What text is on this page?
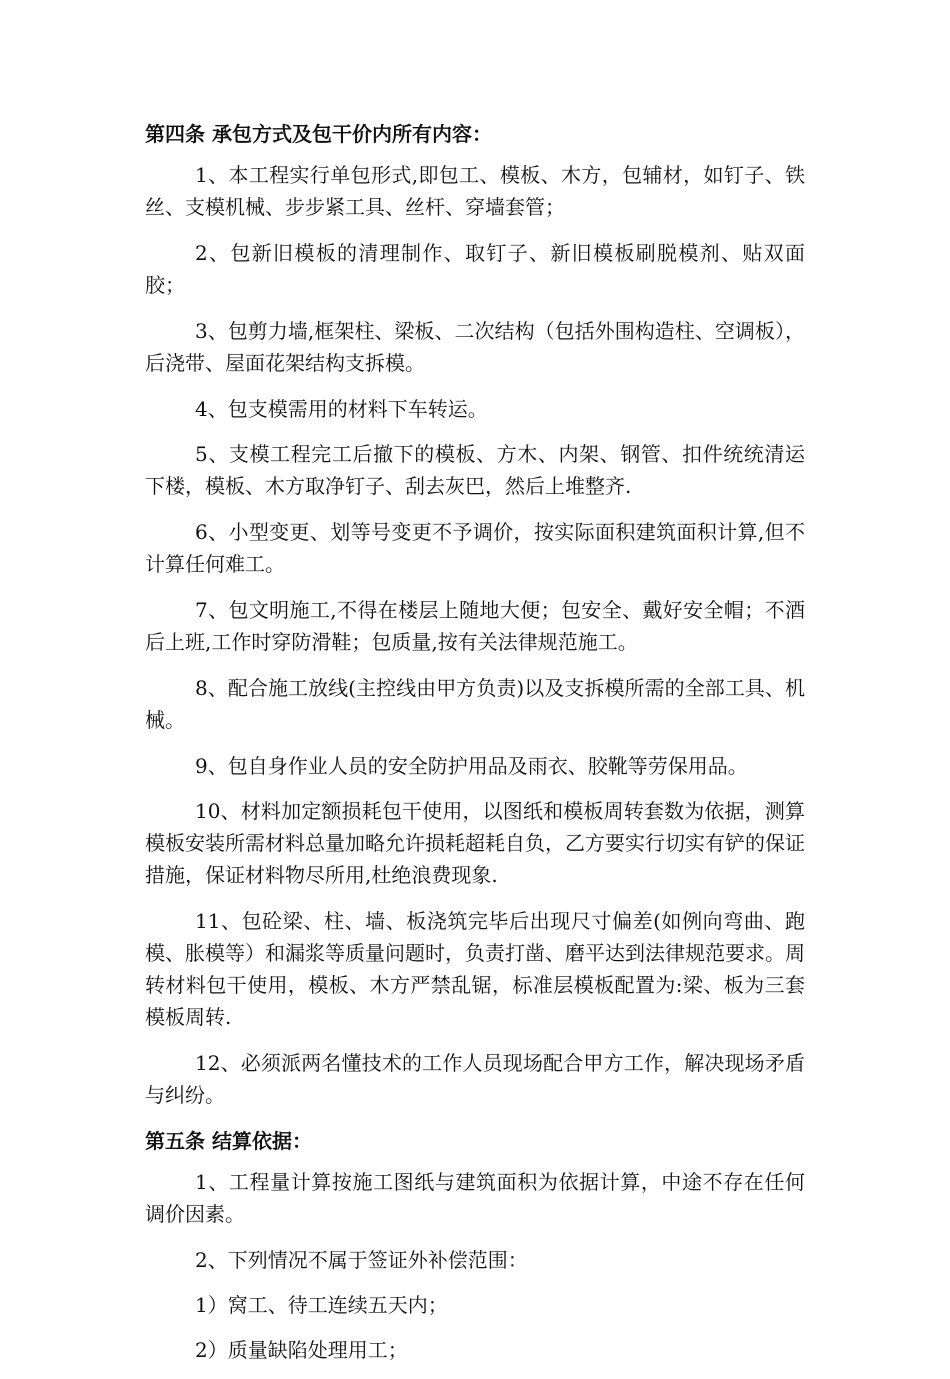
第四条 承包方式及包干价内所有内容：

1、本工程实行单包形式,即包工、模板、木方，包辅材，如钉子、铁丝、支模机械、步步紧工具、丝杆、穿墙套管；

2、包新旧模板的清理制作、取钉子、新旧模板刷脱模剂、贴双面胶；

3、包剪力墙,框架柱、梁板、二次结构（包括外围构造柱、空调板），后浇带、屋面花架结构支拆模。

4、包支模需用的材料下车转运。

5、支模工程完工后撤下的模板、方木、内架、钢管、扣件统统清运下楼，模板、木方取净钉子、刮去灰巴，然后上堆整齐.

6、小型变更、划等号变更不予调价，按实际面积建筑面积计算,但不计算任何难工。

7、包文明施工,不得在楼层上随地大便；包安全、戴好安全帽；不酒后上班,工作时穿防滑鞋；包质量,按有关法律规范施工。

8、配合施工放线(主控线由甲方负责)以及支拆模所需的全部工具、机械。

9、包自身作业人员的安全防护用品及雨衣、胶靴等劳保用品。

10、材料加定额损耗包干使用，以图纸和模板周转套数为依据，测算模板安装所需材料总量加略允许损耗超耗自负，乙方要实行切实有铲的保证措施，保证材料物尽所用,杜绝浪费现象.

11、包砼梁、柱、墙、板浇筑完毕后出现尺寸偏差(如例向弯曲、跑模、胀模等）和漏浆等质量问题时，负责打凿、磨平达到法律规范要求。周转材料包干使用，模板、木方严禁乱锯，标准层模板配置为:梁、板为三套模板周转.

12、必须派两名懂技术的工作人员现场配合甲方工作，解决现场矛盾与纠纷。

第五条 结算依据：

1、工程量计算按施工图纸与建筑面积为依据计算，中途不存在任何调价因素。

2、下列情况不属于签证外补偿范围：

1）窝工、待工连续五天内；

2）质量缺陷处理用工；
